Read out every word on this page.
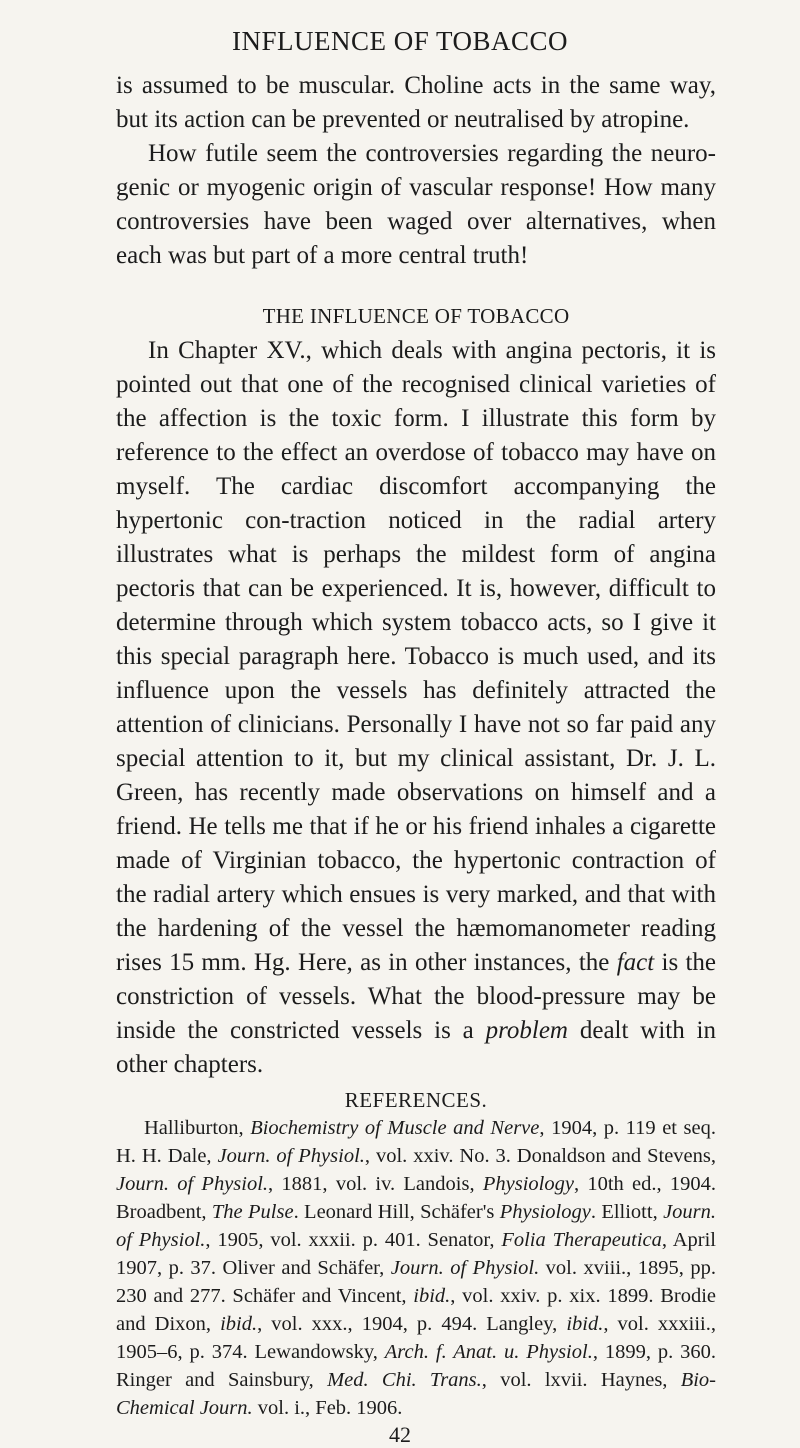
INFLUENCE OF TOBACCO

is assumed to be muscular. Choline acts in the same way, but its action can be prevented or neutralised by atropine.

How futile seem the controversies regarding the neuro-genic or myogenic origin of vascular response! How many controversies have been waged over alternatives, when each was but part of a more central truth!

THE INFLUENCE OF TOBACCO

In Chapter XV., which deals with angina pectoris, it is pointed out that one of the recognised clinical varieties of the affection is the toxic form. I illustrate this form by reference to the effect an overdose of tobacco may have on myself. The cardiac discomfort accompanying the hypertonic con-traction noticed in the radial artery illustrates what is perhaps the mildest form of angina pectoris that can be experienced. It is, however, difficult to determine through which system tobacco acts, so I give it this special paragraph here. Tobacco is much used, and its influence upon the vessels has definitely attracted the attention of clinicians. Personally I have not so far paid any special attention to it, but my clinical assistant, Dr. J. L. Green, has recently made observations on himself and a friend. He tells me that if he or his friend inhales a cigarette made of Virginian tobacco, the hypertonic contraction of the radial artery which ensues is very marked, and that with the hardening of the vessel the hæmomanometer reading rises 15 mm. Hg. Here, as in other instances, the fact is the constriction of vessels. What the blood-pressure may be inside the constricted vessels is a problem dealt with in other chapters.

REFERENCES.

Halliburton, Biochemistry of Muscle and Nerve, 1904, p. 119 et seq. H. H. Dale, Journ. of Physiol., vol. xxiv. No. 3. Donaldson and Stevens, Journ. of Physiol., 1881, vol. iv. Landois, Physiology, 10th ed., 1904. Broadbent, The Pulse. Leonard Hill, Schäfer's Physiology. Elliott, Journ. of Physiol., 1905, vol. xxxii. p. 401. Senator, Folia Therapeutica, April 1907, p. 37. Oliver and Schäfer, Journ. of Physiol. vol. xviii., 1895, pp. 230 and 277. Schäfer and Vincent, ibid., vol. xxiv. p. xix. 1899. Brodie and Dixon, ibid., vol. xxx., 1904, p. 494. Langley, ibid., vol. xxxiii., 1905–6, p. 374. Lewandowsky, Arch. f. Anat. u. Physiol., 1899, p. 360. Ringer and Sainsbury, Med. Chi. Trans., vol. lxvii. Haynes, Bio-Chemical Journ. vol. i., Feb. 1906.

42
